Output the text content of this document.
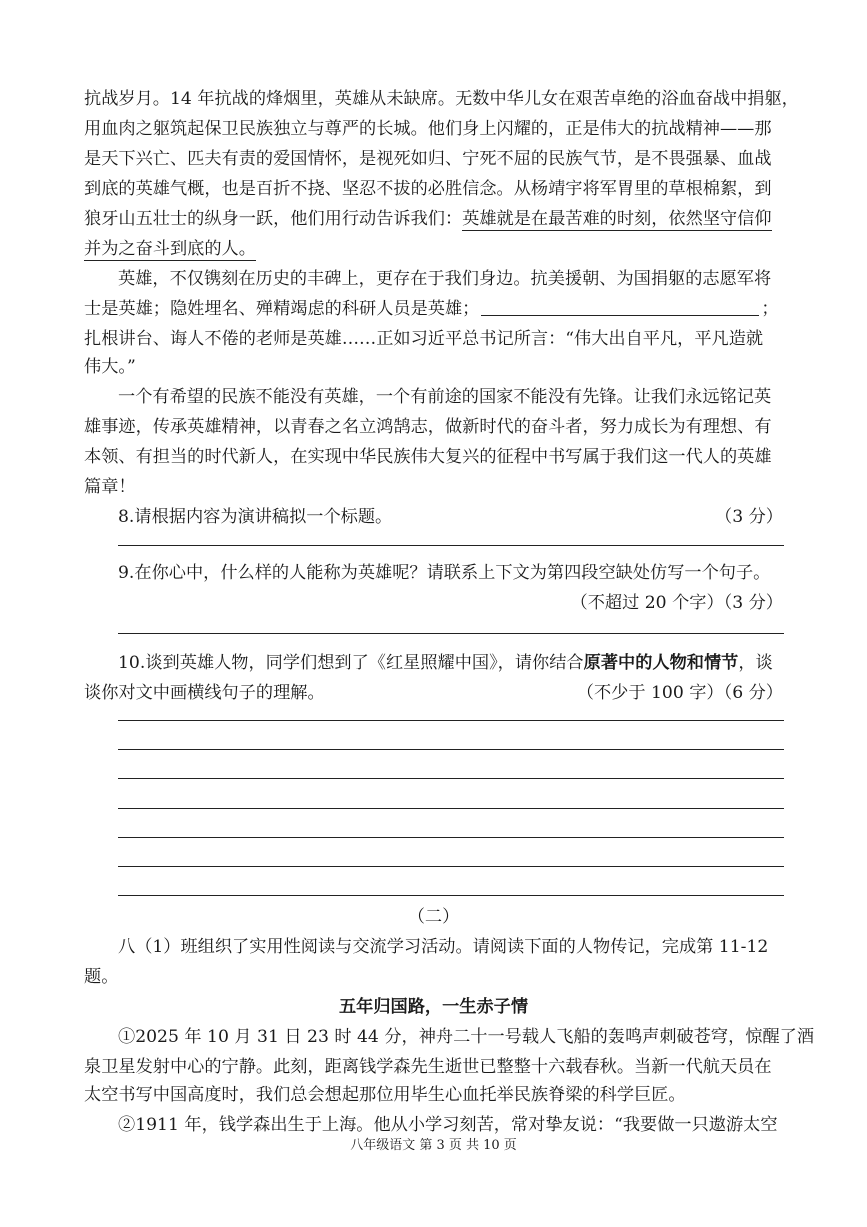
抗战岁月。14 年抗战的烽烟里，英雄从未缺席。无数中华儿女在艰苦卓绝的浴血奋战中捐躯，
用血肉之躯筑起保卫民族独立与尊严的长城。他们身上闪耀的，正是伟大的抗战精神——那
是天下兴亡、匹夫有责的爱国情怀，是视死如归、宁死不屈的民族气节，是不畏强暴、血战
到底的英雄气概，也是百折不挠、坚忍不拔的必胜信念。从杨靖宇将军胃里的草根棉絮，到
狼牙山五壮士的纵身一跃，他们用行动告诉我们：英雄就是在最苦难的时刻，依然坚守信仰
并为之奋斗到底的人。
英雄，不仅镌刻在历史的丰碑上，更存在于我们身边。抗美援朝、为国捐躯的志愿军将
士是英雄；隐姓埋名、殚精竭虑的科研人员是英雄；	；
扎根讲台、诲人不倦的老师是英雄……正如习近平总书记所言：“伟大出自平凡，平凡造就
伟大。”
一个有希望的民族不能没有英雄，一个有前途的国家不能没有先锋。让我们永远铭记英
雄事迹，传承英雄精神，以青春之名立鸿鹄志，做新时代的奋斗者，努力成长为有理想、有
本领、有担当的时代新人，在实现中华民族伟大复兴的征程中书写属于我们这一代人的英雄
篇章！
8.请根据内容为演讲稿拟一个标题。	（3 分）
9.在你心中，什么样的人能称为英雄呢？请联系上下文为第四段空缺处仿写一个句子。
（不超过 20 个字）（3 分）
10.谈到英雄人物，同学们想到了《红星照耀中国》，请你结合原著中的人物和情节，谈
谈你对文中画横线句子的理解。	（不少于 100 字）（6 分）
（二）
八（1）班组织了实用性阅读与交流学习活动。请阅读下面的人物传记，完成第 11-12
题。
五年归国路，一生赤子情
①2025 年 10 月 31 日 23 时 44 分，神舟二十一号载人飞船的轰鸣声刺破苍穹，惊醒了酒
泉卫星发射中心的宁静。此刻，距离钱学森先生逝世已整整十六载春秋。当新一代航天员在
太空书写中国高度时，我们总会想起那位用毕生心血托举民族脊梁的科学巨匠。
②1911 年，钱学森出生于上海。他从小学习刻苦，常对挚友说：“我要做一只遨游太空
八年级语文 第 3 页 共 10 页
